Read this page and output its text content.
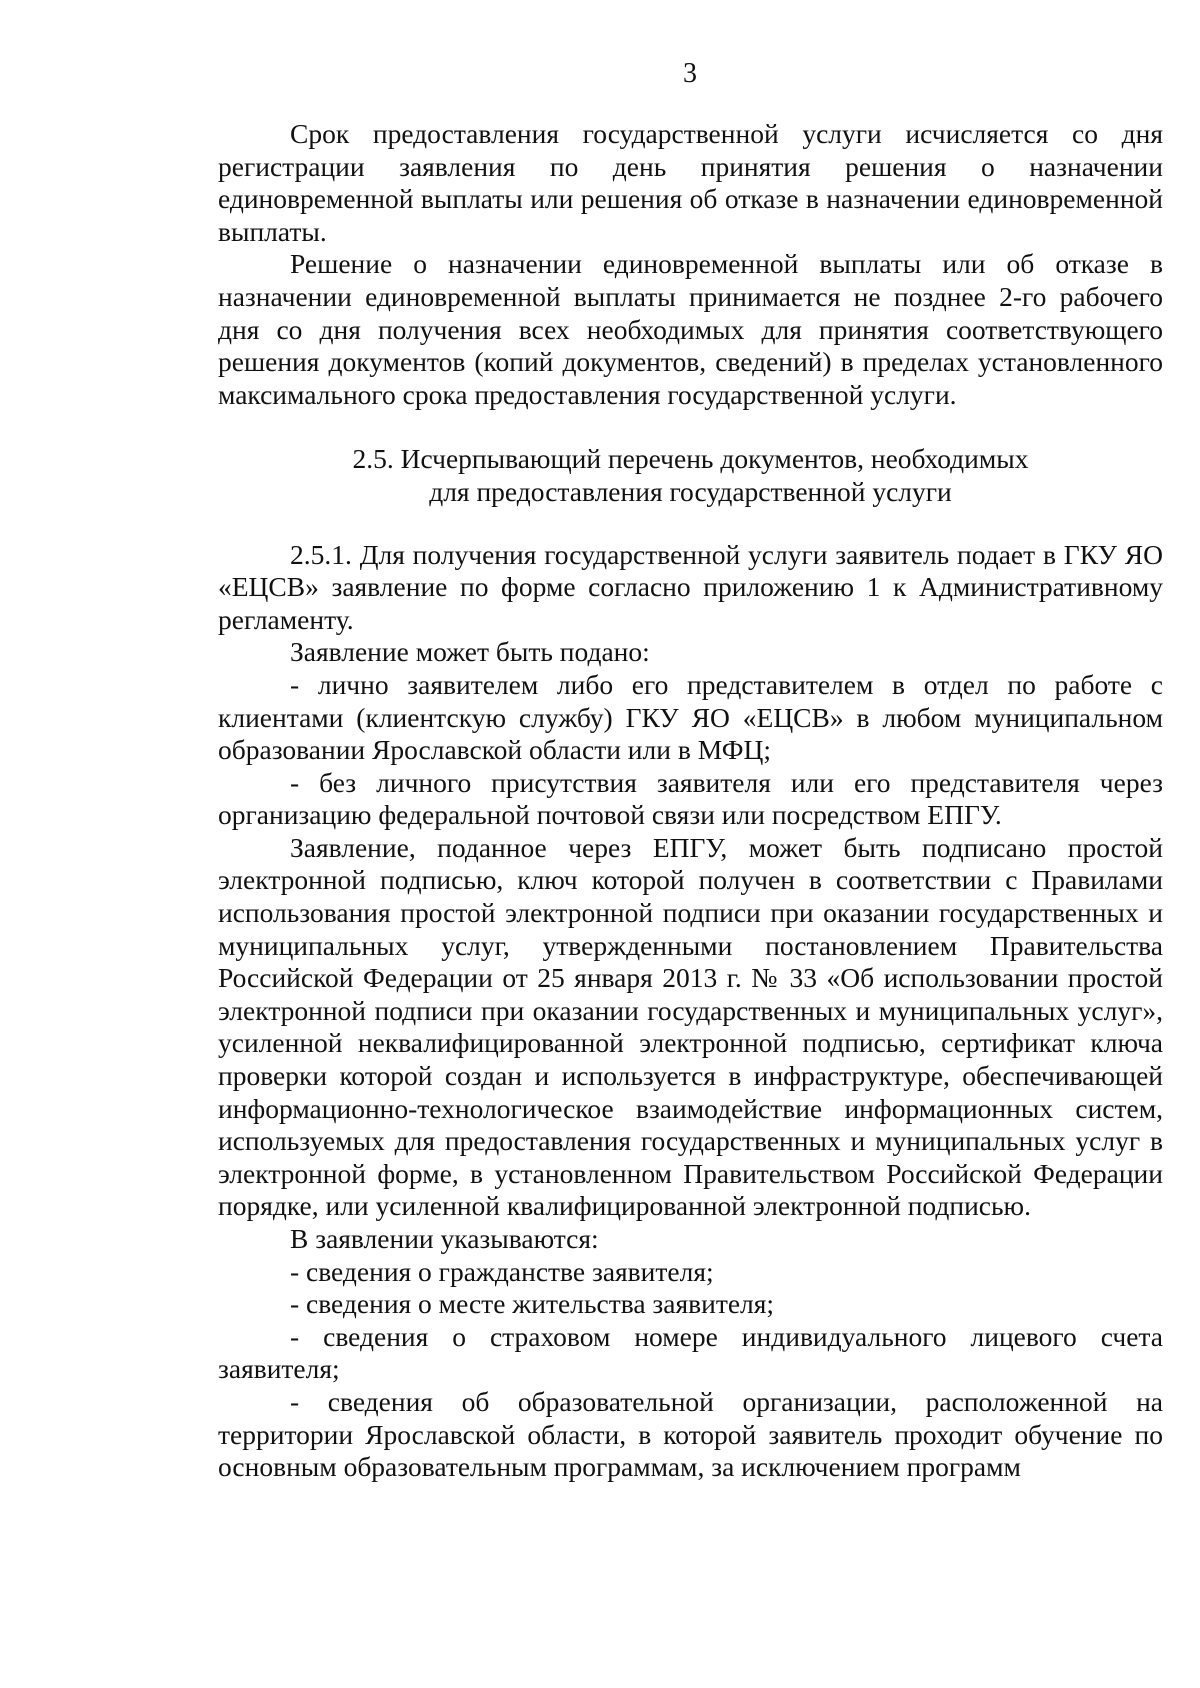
3

Срок предоставления государственной услуги исчисляется со дня регистрации заявления по день принятия решения о назначении единовременной выплаты или решения об отказе в назначении единовременной выплаты.

Решение о назначении единовременной выплаты или об отказе в назначении единовременной выплаты принимается не позднее 2-го рабочего дня со дня получения всех необходимых для принятия соответствующего решения документов (копий документов, сведений) в пределах установленного максимального срока предоставления государственной услуги.

2.5. Исчерпывающий перечень документов, необходимых
для предоставления государственной услуги

2.5.1. Для получения государственной услуги заявитель подает в ГКУ ЯО «ЕЦСВ» заявление по форме согласно приложению 1 к Административному регламенту.

Заявление может быть подано:

- лично заявителем либо его представителем в отдел по работе с клиентами (клиентскую службу) ГКУ ЯО «ЕЦСВ» в любом муниципальном образовании Ярославской области или в МФЦ;

- без личного присутствия заявителя или его представителя через организацию федеральной почтовой связи или посредством ЕПГУ.

Заявление, поданное через ЕПГУ, может быть подписано простой электронной подписью, ключ которой получен в соответствии с Правилами использования простой электронной подписи при оказании государственных и муниципальных услуг, утвержденными постановлением Правительства Российской Федерации от 25 января 2013 г. № 33 «Об использовании простой электронной подписи при оказании государственных и муниципальных услуг», усиленной неквалифицированной электронной подписью, сертификат ключа проверки которой создан и используется в инфраструктуре, обеспечивающей информационно-технологическое взаимодействие информационных систем, используемых для предоставления государственных и муниципальных услуг в электронной форме, в установленном Правительством Российской Федерации порядке, или усиленной квалифицированной электронной подписью.

В заявлении указываются:

- сведения о гражданстве заявителя;

- сведения о месте жительства заявителя;

- сведения о страховом номере индивидуального лицевого счета заявителя;

- сведения об образовательной организации, расположенной на территории Ярославской области, в которой заявитель проходит обучение по основным образовательным программам, за исключением программ
